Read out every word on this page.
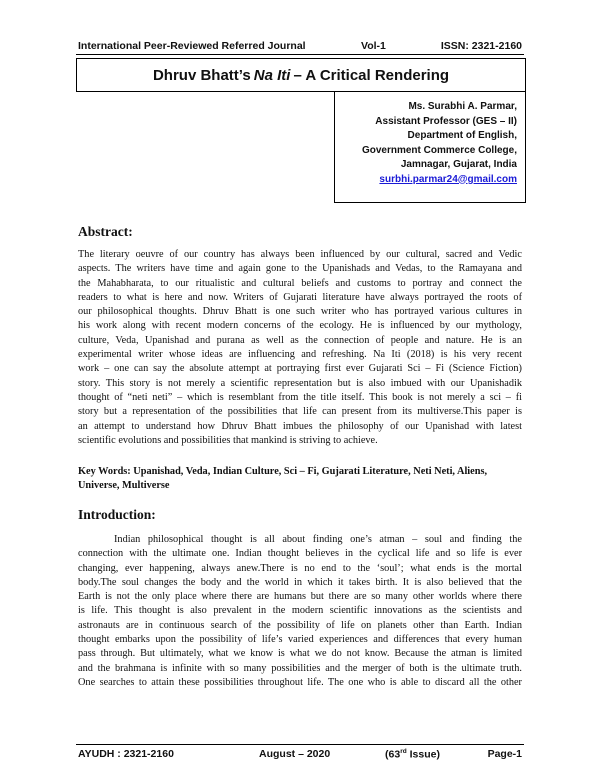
International Peer-Reviewed Referred Journal	Vol-1	ISSN: 2321-2160
Dhruv Bhatt’s Na Iti – A Critical Rendering
Ms. Surabhi A. Parmar,
Assistant Professor (GES – II)
Department of English,
Government Commerce College,
Jamnagar, Gujarat, India
surbhi.parmar24@gmail.com
Abstract:
The literary oeuvre of our country has always been influenced by our cultural, sacred and Vedic
aspects. The writers have time and again gone to the Upanishads and Vedas, to the Ramayana and
the Mahabharata, to our ritualistic and cultural beliefs and customs to portray and connect the
readers to what is here and now. Writers of Gujarati literature have always portrayed the roots of
our philosophical thoughts. Dhruv Bhatt is one such writer who has portrayed various cultures in
his work along with recent modern concerns of the ecology. He is influenced by our mythology,
culture, Veda, Upanishad and purana as well as the connection of people and nature. He is an
experimental writer whose ideas are influencing and refreshing. Na Iti (2018) is his very recent
work – one can say the absolute attempt at portraying first ever Gujarati Sci – Fi (Science Fiction)
story. This story is not merely a scientific representation but is also imbued with our Upanishadik
thought of “neti neti” – which is resemblant from the title itself. This book is not merely a sci – fi
story but a representation of the possibilities that life can present from its multiverse.This paper is
an attempt to understand how Dhruv Bhatt imbues the philosophy of our Upanishad with latest
scientific evolutions and possibilities that mankind is striving to achieve.
Key Words: Upanishad, Veda, Indian Culture, Sci – Fi, Gujarati Literature, Neti Neti, Aliens,
Universe, Multiverse
Introduction:
Indian philosophical thought is all about finding one’s atman – soul and finding the
connection with the ultimate one. Indian thought believes in the cyclical life and so life is ever
changing, ever happening, always anew.There is no end to the ‘soul’; what ends is the mortal
body.The soul changes the body and the world in which it takes birth. It is also believed that the
Earth is not the only place where there are humans but there are so many other worlds where there
is life. This thought is also prevalent in the modern scientific innovations as the scientists and
astronauts are in continuous search of the possibility of life on planets other than Earth. Indian
thought embarks upon the possibility of life’s varied experiences and differences that every human
pass through. But ultimately, what we know is what we do not know. Because the atman is limited
and the brahmana is infinite with so many possibilities and the merger of both is the ultimate truth.
One searches to attain these possibilities throughout life. The one who is able to discard all the other
AYUDH : 2321-2160	August – 2020	(63rd Issue)	Page-1
